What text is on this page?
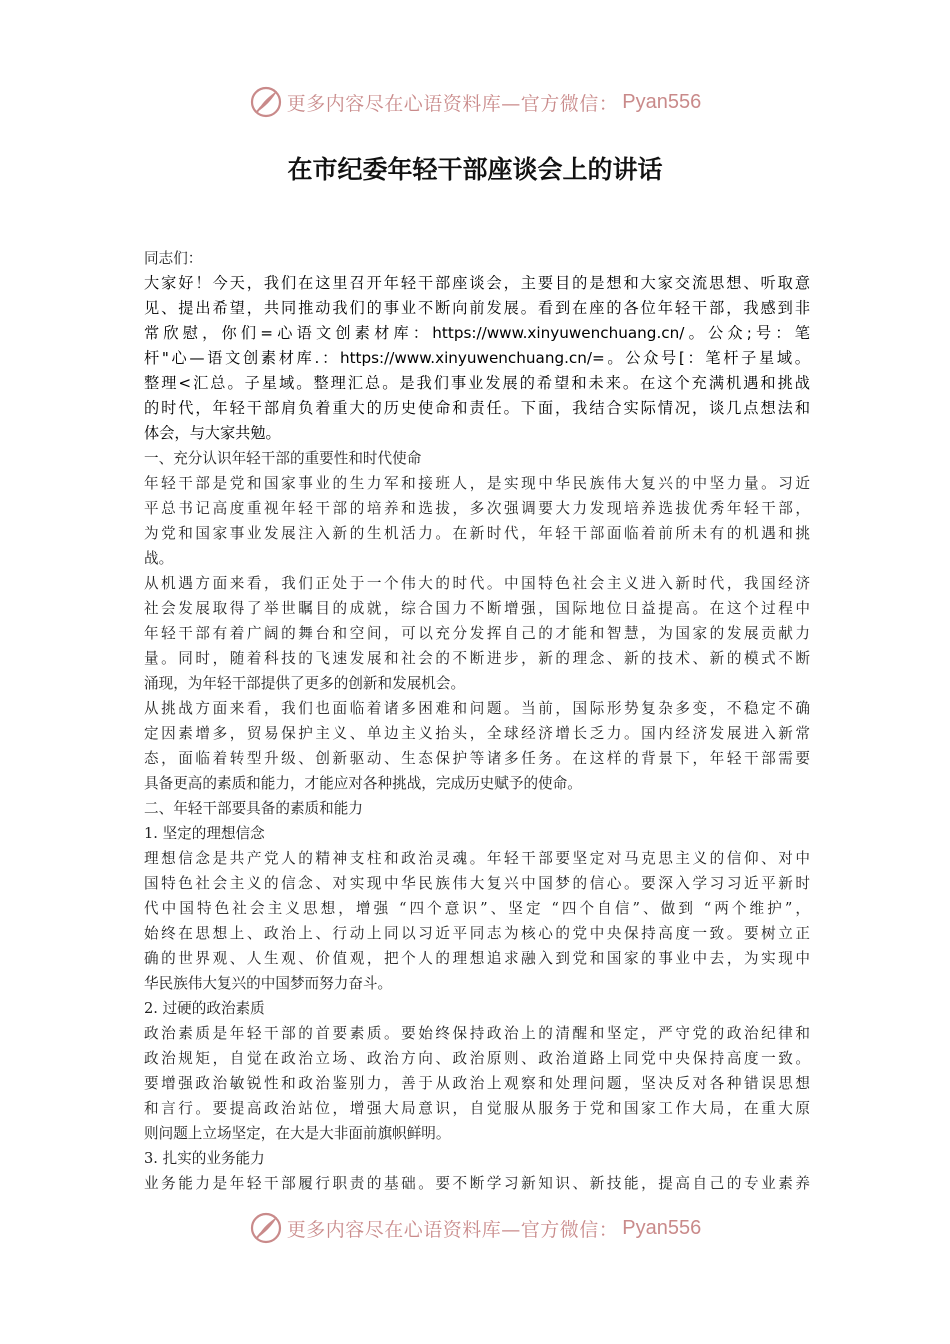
更多内容尽在心语资料库—官方微信： Pyan556
在市纪委年轻干部座谈会上的讲话
同志们：
大家好！今天，我们在这里召开年轻干部座谈会，主要目的是想和大家交流思想、听取意
见、提出希望，共同推动我们的事业不断向前发展。看到在座的各位年轻干部，我感到非
常欣慰，你们=心语文创素材库：https://www.xinyuwenchuang.cn/。公众;号：笔
杆"心—语文创素材库.：https://www.xinyuwenchuang.cn/=。公众号[：笔杆子星域。
整理<汇总。子星域。整理汇总。是我们事业发展的希望和未来。在这个充满机遇和挑战
的时代，年轻干部肩负着重大的历史使命和责任。下面，我结合实际情况，谈几点想法和
体会，与大家共勉。
一、充分认识年轻干部的重要性和时代使命
年轻干部是党和国家事业的生力军和接班人，是实现中华民族伟大复兴的中坚力量。习近
平总书记高度重视年轻干部的培养和选拔，多次强调要大力发现培养选拔优秀年轻干部，
为党和国家事业发展注入新的生机活力。在新时代，年轻干部面临着前所未有的机遇和挑
战。
从机遇方面来看，我们正处于一个伟大的时代。中国特色社会主义进入新时代，我国经济
社会发展取得了举世瞩目的成就，综合国力不断增强，国际地位日益提高。在这个过程中
年轻干部有着广阔的舞台和空间，可以充分发挥自己的才能和智慧，为国家的发展贡献力
量。同时，随着科技的飞速发展和社会的不断进步，新的理念、新的技术、新的模式不断
涌现，为年轻干部提供了更多的创新和发展机会。
从挑战方面来看，我们也面临着诸多困难和问题。当前，国际形势复杂多变，不稳定不确
定因素增多，贸易保护主义、单边主义抬头，全球经济增长乏力。国内经济发展进入新常
态，面临着转型升级、创新驱动、生态保护等诸多任务。在这样的背景下，年轻干部需要
具备更高的素质和能力，才能应对各种挑战，完成历史赋予的使命。
二、年轻干部要具备的素质和能力
1. 坚定的理想信念
理想信念是共产党人的精神支柱和政治灵魂。年轻干部要坚定对马克思主义的信仰、对中
国特色社会主义的信念、对实现中华民族伟大复兴中国梦的信心。要深入学习习近平新时
代中国特色社会主义思想，增强 “四个意识”、坚定 “四个自信”、做到 “两个维护”，
始终在思想上、政治上、行动上同以习近平同志为核心的党中央保持高度一致。要树立正
确的世界观、人生观、价值观，把个人的理想追求融入到党和国家的事业中去，为实现中
华民族伟大复兴的中国梦而努力奋斗。
2. 过硬的政治素质
政治素质是年轻干部的首要素质。要始终保持政治上的清醒和坚定，严守党的政治纪律和
政治规矩，自觉在政治立场、政治方向、政治原则、政治道路上同党中央保持高度一致。
要增强政治敏锐性和政治鉴别力，善于从政治上观察和处理问题，坚决反对各种错误思想
和言行。要提高政治站位，增强大局意识，自觉服从服务于党和国家工作大局，在重大原
则问题上立场坚定，在大是大非面前旗帜鲜明。
3. 扎实的业务能力
业务能力是年轻干部履行职责的基础。要不断学习新知识、新技能，提高自己的专业素养
更多内容尽在心语资料库—官方微信： Pyan556
